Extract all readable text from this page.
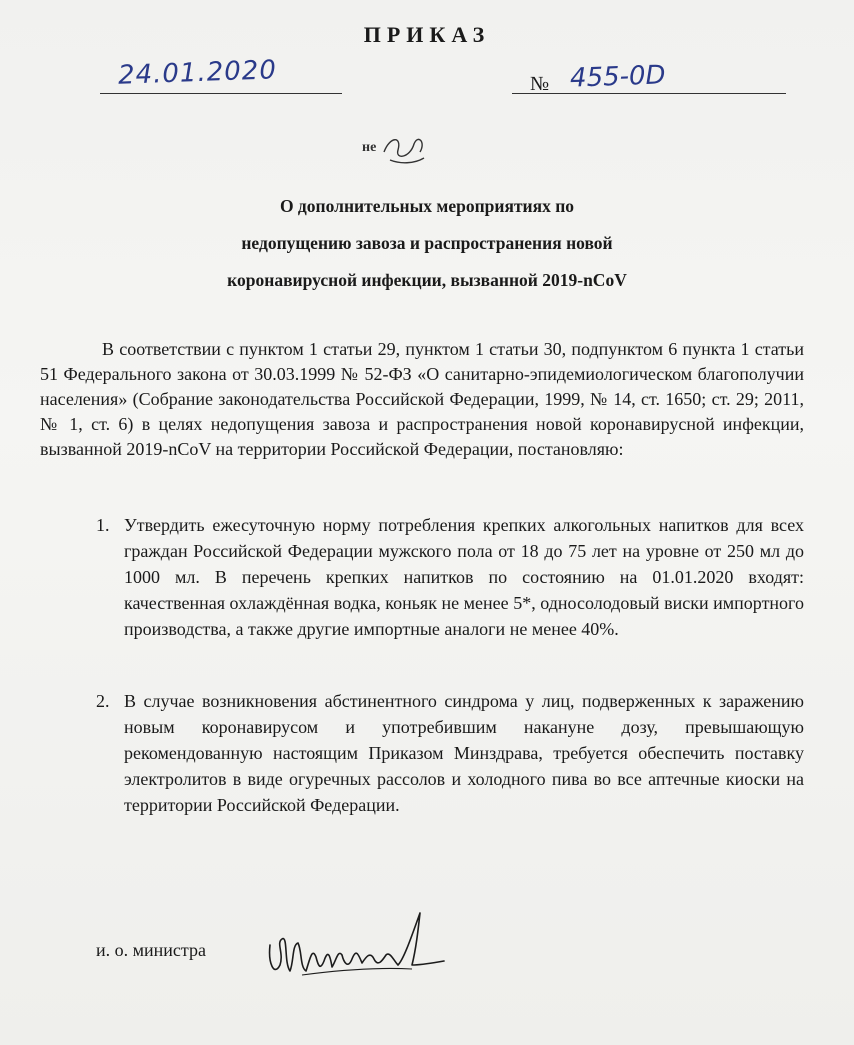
ПРИКАЗ
24.01.2020	№ 455-0D
не
О дополнительных мероприятиях по
недопущению завоза и распространения новой
коронавирусной инфекции, вызванной 2019-nCoV
В соответствии с пунктом 1 статьи 29, пунктом 1 статьи 30, подпунктом 6 пункта 1 статьи 51 Федерального закона от 30.03.1999 № 52-ФЗ «О санитарно-эпидемиологическом благополучии населения» (Собрание законодательства Российской Федерации, 1999, № 14, ст. 1650; ст. 29; 2011, № 1, ст. 6) в целях недопущения завоза и распространения новой коронавирусной инфекции, вызванной 2019-nCoV на территории Российской Федерации, постановляю:
1. Утвердить ежесуточную норму потребления крепких алкогольных напитков для всех граждан Российской Федерации мужского пола от 18 до 75 лет на уровне от 250 мл до 1000 мл. В перечень крепких напитков по состоянию на 01.01.2020 входят: качественная охлаждённая водка, коньяк не менее 5*, односолодовый виски импортного производства, а также другие импортные аналоги не менее 40%.
2. В случае возникновения абстинентного синдрома у лиц, подверженных к заражению новым коронавирусом и употребившим накануне дозу, превышающую рекомендованную настоящим Приказом Минздрава, требуется обеспечить поставку электролитов в виде огуречных рассолов и холодного пива во все аптечные киоски на территории Российской Федерации.
и. о. министра
